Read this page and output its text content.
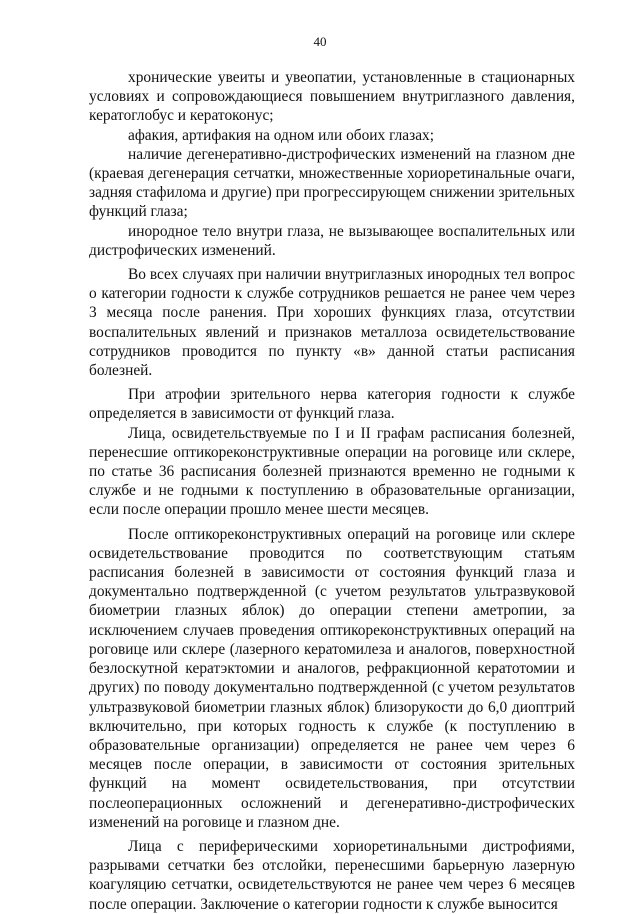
40

хронические увеиты и увеопатии, установленные в стационарных условиях и сопровождающиеся повышением внутриглазного давления, кератоглобус и кератоконус;

афакия, артифакия на одном или обоих глазах;

наличие дегенеративно-дистрофических изменений на глазном дне (краевая дегенерация сетчатки, множественные хориоретинальные очаги, задняя стафилома и другие) при прогрессирующем снижении зрительных функций глаза;

инородное тело внутри глаза, не вызывающее воспалительных или дистрофических изменений.

Во всех случаях при наличии внутриглазных инородных тел вопрос о категории годности к службе сотрудников решается не ранее чем через 3 месяца после ранения. При хороших функциях глаза, отсутствии воспалительных явлений и признаков металлоза освидетельствование сотрудников проводится по пункту «в» данной статьи расписания болезней.

При атрофии зрительного нерва категория годности к службе определяется в зависимости от функций глаза.

Лица, освидетельствуемые по I и II графам расписания болезней, перенесшие оптикореконструктивные операции на роговице или склере, по статье 36 расписания болезней признаются временно не годными к службе и не годными к поступлению в образовательные организации, если после операции прошло менее шести месяцев.

После оптикореконструктивных операций на роговице или склере освидетельствование проводится по соответствующим статьям расписания болезней в зависимости от состояния функций глаза и документально подтвержденной (с учетом результатов ультразвуковой биометрии глазных яблок) до операции степени аметропии, за исключением случаев проведения оптикореконструктивных операций на роговице или склере (лазерного кератомилеза и аналогов, поверхностной безлоскутной кератэктомии и аналогов, рефракционной кератотомии и других) по поводу документально подтвержденной (с учетом результатов ультразвуковой биометрии глазных яблок) близорукости до 6,0 диоптрий включительно, при которых годность к службе (к поступлению в образовательные организации) определяется не ранее чем через 6 месяцев после операции, в зависимости от состояния зрительных функций на момент освидетельствования, при отсутствии послеоперационных осложнений и дегенеративно-дистрофических изменений на роговице и глазном дне.

Лица с периферическими хориоретинальными дистрофиями, разрывами сетчатки без отслойки, перенесшими барьерную лазерную коагуляцию сетчатки, освидетельствуются не ранее чем через 6 месяцев после операции. Заключение о категории годности к службе выносится
